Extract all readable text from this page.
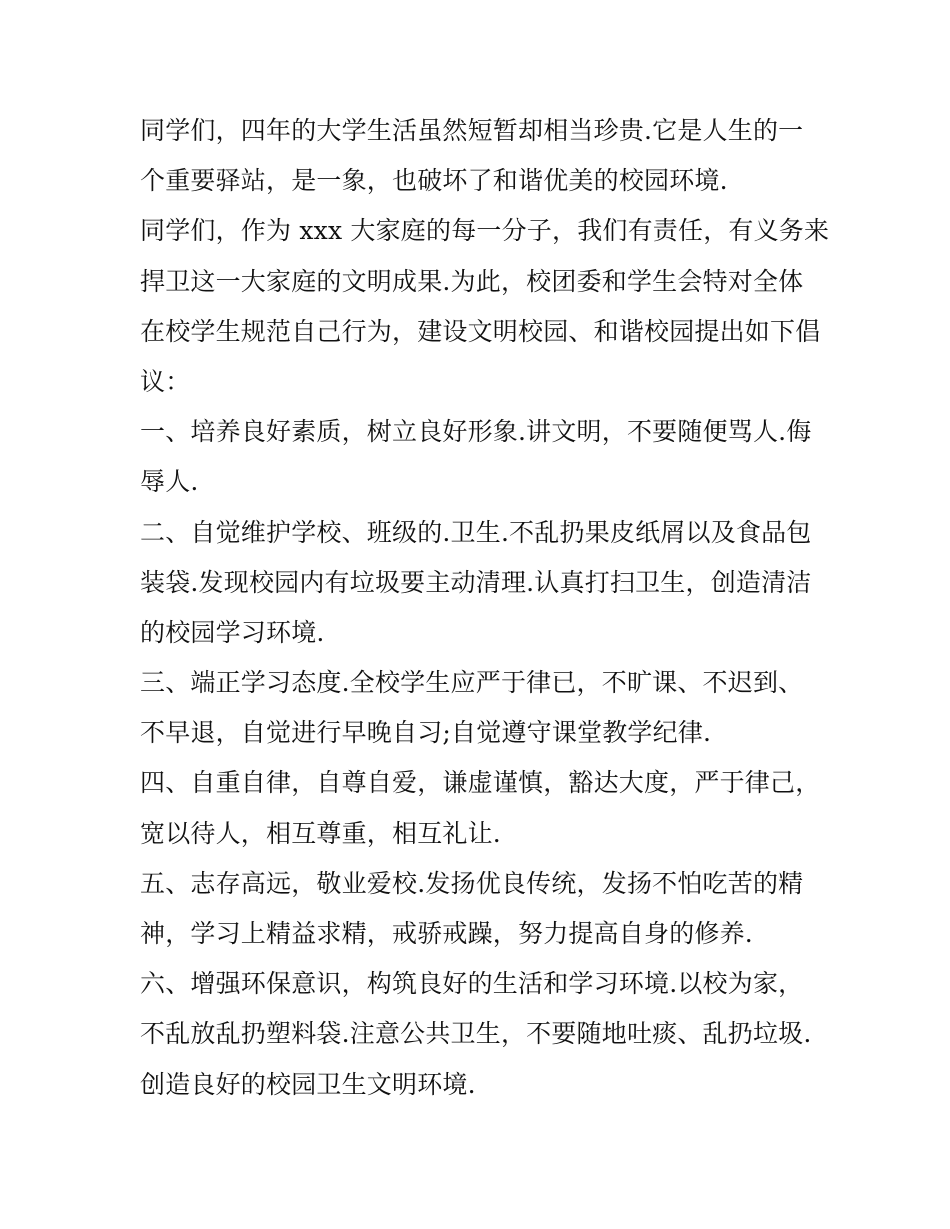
同学们，四年的大学生活虽然短暂却相当珍贵.它是人生的一
个重要驿站，是一象，也破坏了和谐优美的校园环境.
同学们，作为 xxx 大家庭的每一分子，我们有责任，有义务来
捍卫这一大家庭的文明成果.为此，校团委和学生会特对全体
在校学生规范自己行为，建设文明校园、和谐校园提出如下倡
议：
一、培养良好素质，树立良好形象.讲文明，不要随便骂人.侮
辱人.
二、自觉维护学校、班级的.卫生.不乱扔果皮纸屑以及食品包
装袋.发现校园内有垃圾要主动清理.认真打扫卫生，创造清洁
的校园学习环境.
三、端正学习态度.全校学生应严于律已，不旷课、不迟到、
不早退，自觉进行早晚自习;自觉遵守课堂教学纪律.
四、自重自律，自尊自爱，谦虚谨慎，豁达大度，严于律己，
宽以待人，相互尊重，相互礼让.
五、志存高远，敬业爱校.发扬优良传统，发扬不怕吃苦的精
神，学习上精益求精，戒骄戒躁，努力提高自身的修养.
六、增强环保意识，构筑良好的生活和学习环境.以校为家，
不乱放乱扔塑料袋.注意公共卫生，不要随地吐痰、乱扔垃圾.
创造良好的校园卫生文明环境.
